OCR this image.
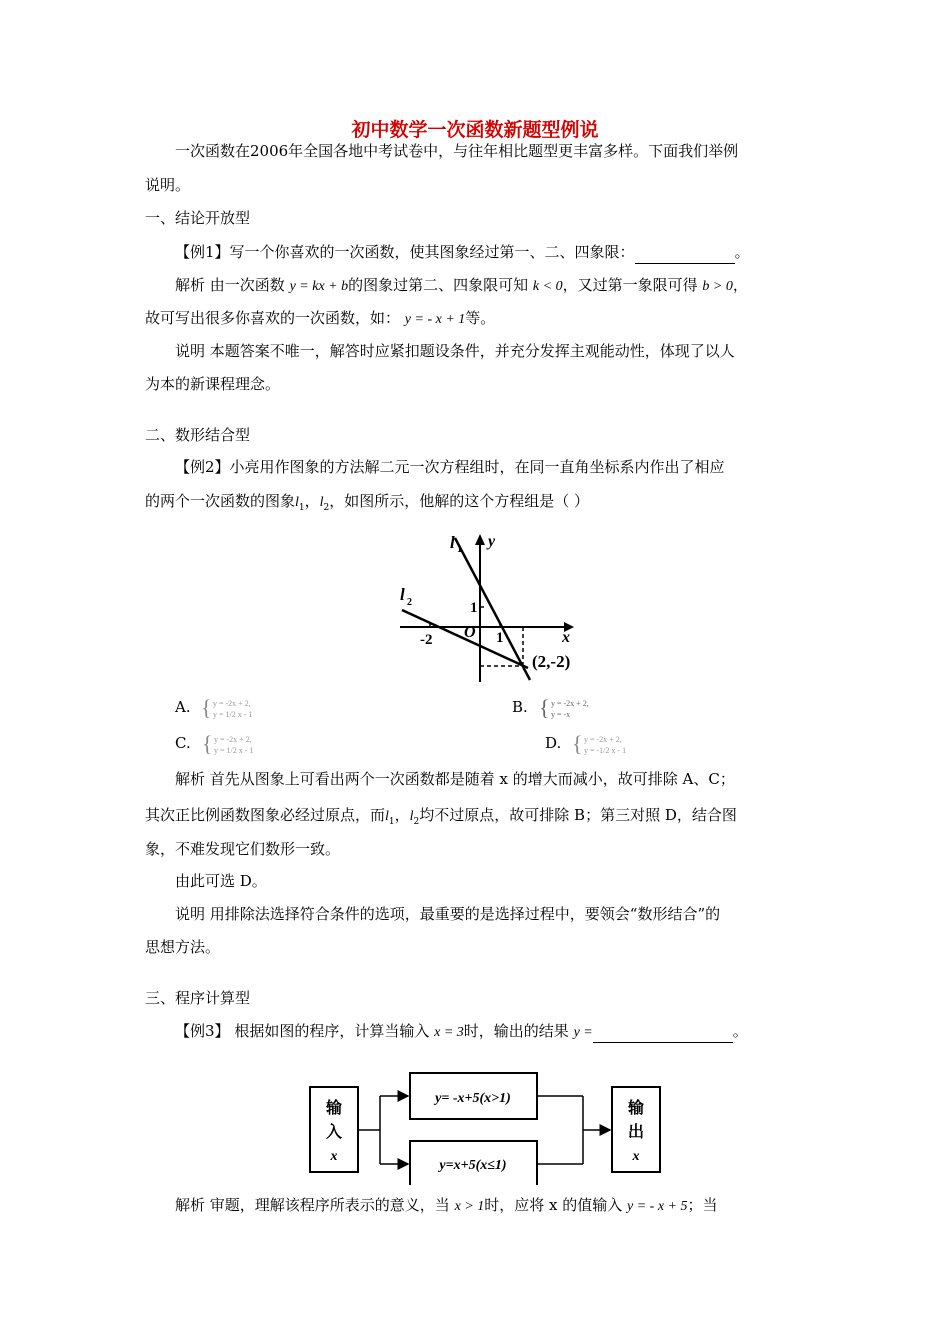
初中数学一次函数新题型例说
一次函数在2006年全国各地中考试卷中，与往年相比题型更丰富多样。下面我们举例
说明。
一、结论开放型
【例1】写一个你喜欢的一次函数，使其图象经过第一、二、四象限：	。
解析 由一次函数 y = kx + b的图象过第二、四象限可知 k < 0，又过第一象限可得 b > 0，
故可写出很多你喜欢的一次函数，如： y = - x + 1等。
说明 本题答案不唯一，解答时应紧扣题设条件，并充分发挥主观能动性，体现了以人
为本的新课程理念。
二、数形结合型
【例2】小亮用作图象的方法解二元一次方程组时，在同一直角坐标系内作出了相应
的两个一次函数的图象$l_1$，$l_2$，如图所示，他解的这个方程组是（ ）
l 1
l 2
y
x
-2 O 1
1
(2,-2)
A. { y = -2x + 2,
y = 1/2 x - 1	B. { y = -2x + 2,
y = -x
C. { y = -2x + 2,
y = 1/2 x - 1	D. { y = -2x + 2,
y = -1/2 x - 1
解析 首先从图象上可看出两个一次函数都是随着 x 的增大而减小，故可排除 A、C；
其次正比例函数图象必经过原点，而$l_1$，$l_2$均不过原点，故可排除 B；第三对照 D，结合图
象，不难发现它们数形一致。
由此可选 D。
说明 用排除法选择符合条件的选项，最重要的是选择过程中，要领会“数形结合”的
思想方法。
三、程序计算型
【例3】 根据如图的程序，计算当输入 x = 3时，输出的结果 y =	。
输
入
x
y= -x+5(x>1)
y=x+5(x≤1)
输
出
x
解析 审题，理解该程序所表示的意义，当 x > 1时，应将 x 的值输入 y = - x + 5；当
